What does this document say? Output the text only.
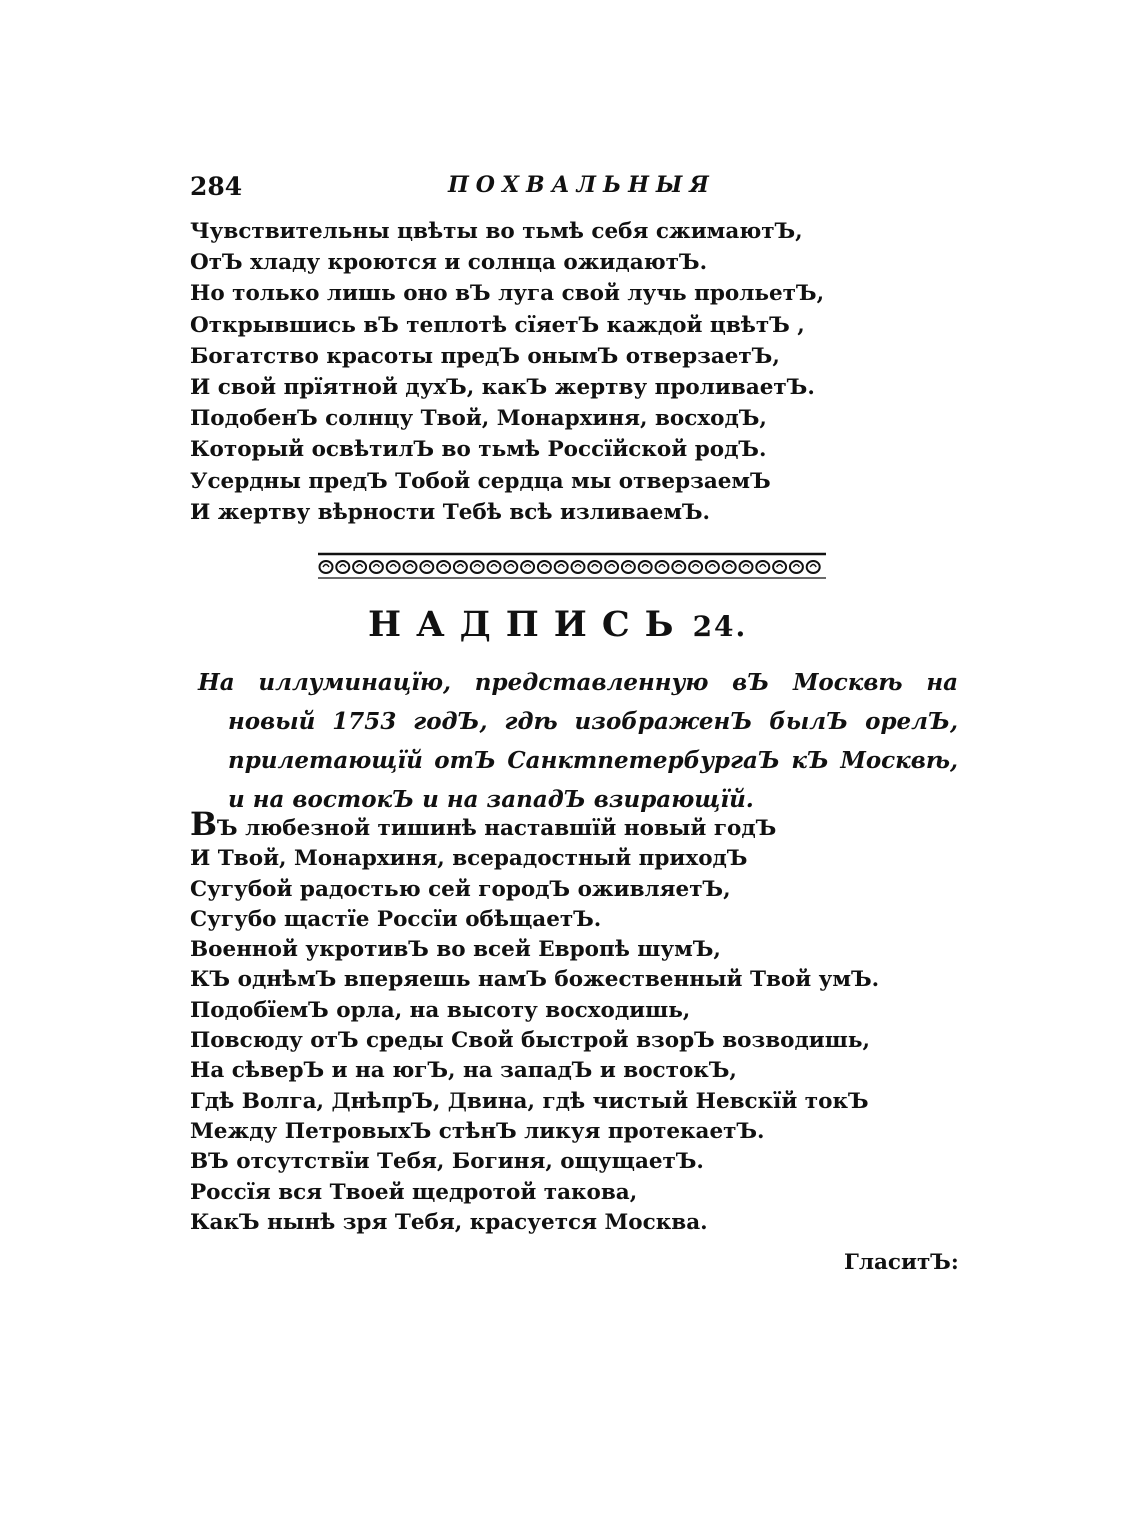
284	ПОХВАЛЬНЫЯ
Чувствительны цвѣты во тьмѣ себя сжимаютЪ,
ОтЪ хладу кроются и солнца ожидаютЪ.
Но только лишь оно вЪ луга свой лучь прольетЪ,
Открывшись вЪ теплотѣ сїяетЪ каждой цвѣтЪ ,
Богатство красоты предЪ онымЪ отверзаетЪ,
И свой прїятной духЪ, какЪ жертву проливаетЪ.
ПодобенЪ солнцу Твой, Монархиня, восходЪ,
Который освѣтилЪ во тьмѣ Россїйской родЪ.
Усердны предЪ Тобой сердца мы отверзаемЪ
И жертву вѣрности Тебѣ всѣ изливаемЪ.
НАДПИСЬ 24.

На иллуминацїю, представленную вЪ Москвѣ на новый 1753 годЪ, гдѣ изображенЪ былЪ орелЪ, прилетающїй отЪ СанктпетербургаЪ кЪ Москвѣ, и на востокЪ и на западЪ взирающїй.

ВЪ любезной тишинѣ наставшїй новый годЪ
И Твой, Монархиня, всерадостный приходЪ
Сугубой радостью сей городЪ оживляетЪ,
Сугубо щастїе Россїи обѣщаетЪ.
Военной укротивЪ во всей Европѣ шумЪ,
КЪ однѣмЪ вперяешь намЪ божественный Твой умЪ.
ПодобїемЪ орла, на высоту восходишь,
Повсюду отЪ среды Свой быстрой взорЪ возводишь,
На сѣверЪ и на югЪ, на западЪ и востокЪ,
Гдѣ Волга, ДнѣпрЪ, Двина, гдѣ чистый Невскїй токЪ
Между ПетровыхЪ стѣнЪ ликуя протекаетЪ.
ВЪ отсутствїи Тебя, Богиня, ощущаетЪ.
Россїя вся Твоей щедротой такова,
КакЪ нынѣ зря Тебя, красуется Москва.
ГласитЪ:
